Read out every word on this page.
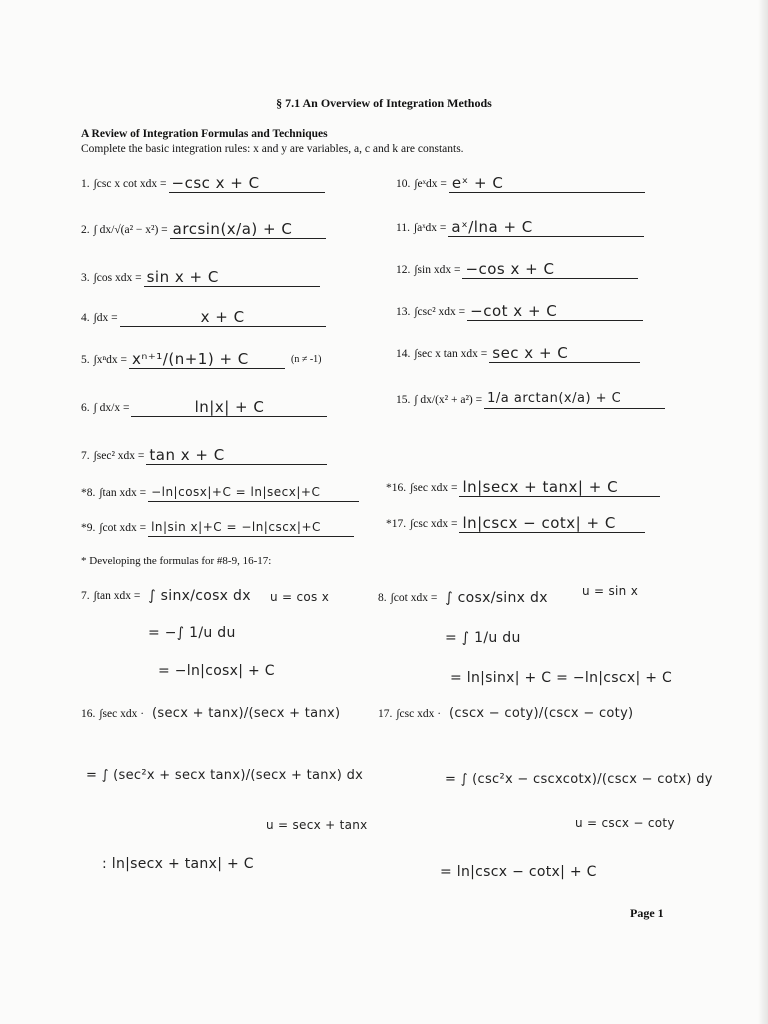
§ 7.1 An Overview of Integration Methods
A Review of Integration Formulas and Techniques
Complete the basic integration rules: x and y are variables, a, c and k are constants.
1. ∫csc x cot xdx = −csc x + C
2. ∫ dx/√(a² − x²) = arcsin(x/a) + C
3. ∫cos xdx = sin x + C
4. ∫dx =	x + C
5. ∫xⁿdx = xⁿ⁺¹/(n+1) + C	(n ≠ -1)
6. ∫ dx/x =	ln|x| + C
7. ∫sec² xdx = tan x + C
*8. ∫tan xdx = −ln|cosx|+C = ln|secx|+C
*9. ∫cot xdx = ln|sin x|+C = −ln|cscx|+C
10. ∫eˣdx = eˣ + C
11. ∫aˣdx = aˣ/lna + C
12. ∫sin xdx = −cos x + C
13. ∫csc² xdx = −cot x + C
14. ∫sec x tan xdx = sec x + C
15. ∫ dx/(x² + a²) = 1/a arctan(x/a) + C
*16. ∫sec xdx = ln|secx + tanx| + C
*17. ∫csc xdx = ln|cscx − cotx| + C
* Developing the formulas for #8-9, 16-17:
7. ∫tan xdx = ∫ sinx/cosx dx u = cos x
= −∫ 1/u du
= −ln|cosx| + C
8. ∫cot xdx = ∫ cosx/sinx dx	u = sin x
= ∫ 1/u du
= ln|sinx| + C = −ln|cscx| + C
16. ∫sec xdx · (secx + tanx)/(secx + tanx)
= ∫ (sec²x + secx tanx)/(secx + tanx) dx
u = secx + tanx
: ln|secx + tanx| + C
17. ∫csc xdx · (cscx − coty)/(cscx − coty)
= ∫ (csc²x − cscxcotx)/(cscx − cotx) dy
u = cscx − coty
= ln|cscx − cotx| + C
Page 1
